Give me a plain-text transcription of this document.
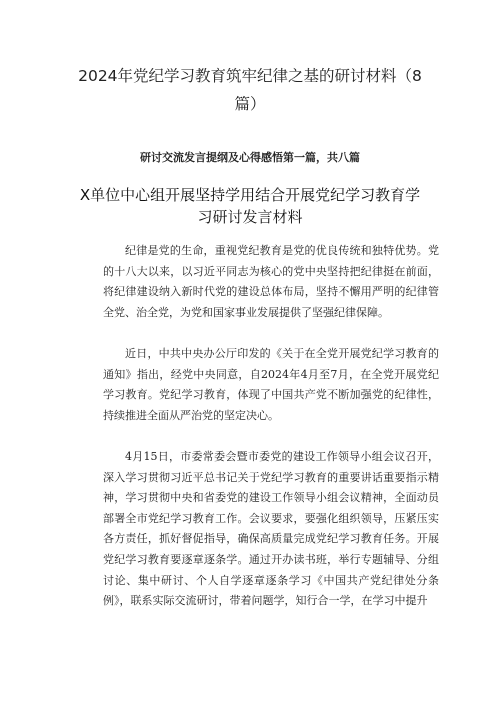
2024年党纪学习教育筑牢纪律之基的研讨材料（8篇）
研讨交流发言提纲及心得感悟第一篇，共八篇
X单位中心组开展坚持学用结合开展党纪学习教育学习研讨发言材料

纪律是党的生命，重视党纪教育是党的优良传统和独特优势。党的十八大以来，以习近平同志为核心的党中央坚持把纪律挺在前面，将纪律建设纳入新时代党的建设总体布局，坚持不懈用严明的纪律管全党、治全党，为党和国家事业发展提供了坚强纪律保障。

近日，中共中央办公厅印发的《关于在全党开展党纪学习教育的通知》指出，经党中央同意，自2024年4月至7月，在全党开展党纪学习教育。党纪学习教育，体现了中国共产党不断加强党的纪律性，持续推进全面从严治党的坚定决心。

4月15日，市委常委会暨市委党的建设工作领导小组会议召开，深入学习贯彻习近平总书记关于党纪学习教育的重要讲话重要指示精神，学习贯彻中央和省委党的建设工作领导小组会议精神，全面动员部署全市党纪学习教育工作。会议要求，要强化组织领导，压紧压实各方责任，抓好督促指导，确保高质量完成党纪学习教育任务。开展党纪学习教育要逐章逐条学。通过开办读书班，举行专题辅导、分组讨论、集中研讨、个人自学逐章逐条学习《中国共产党纪律处分条例》，联系实际交流研讨，带着问题学，知行合一学，在学习中提升
